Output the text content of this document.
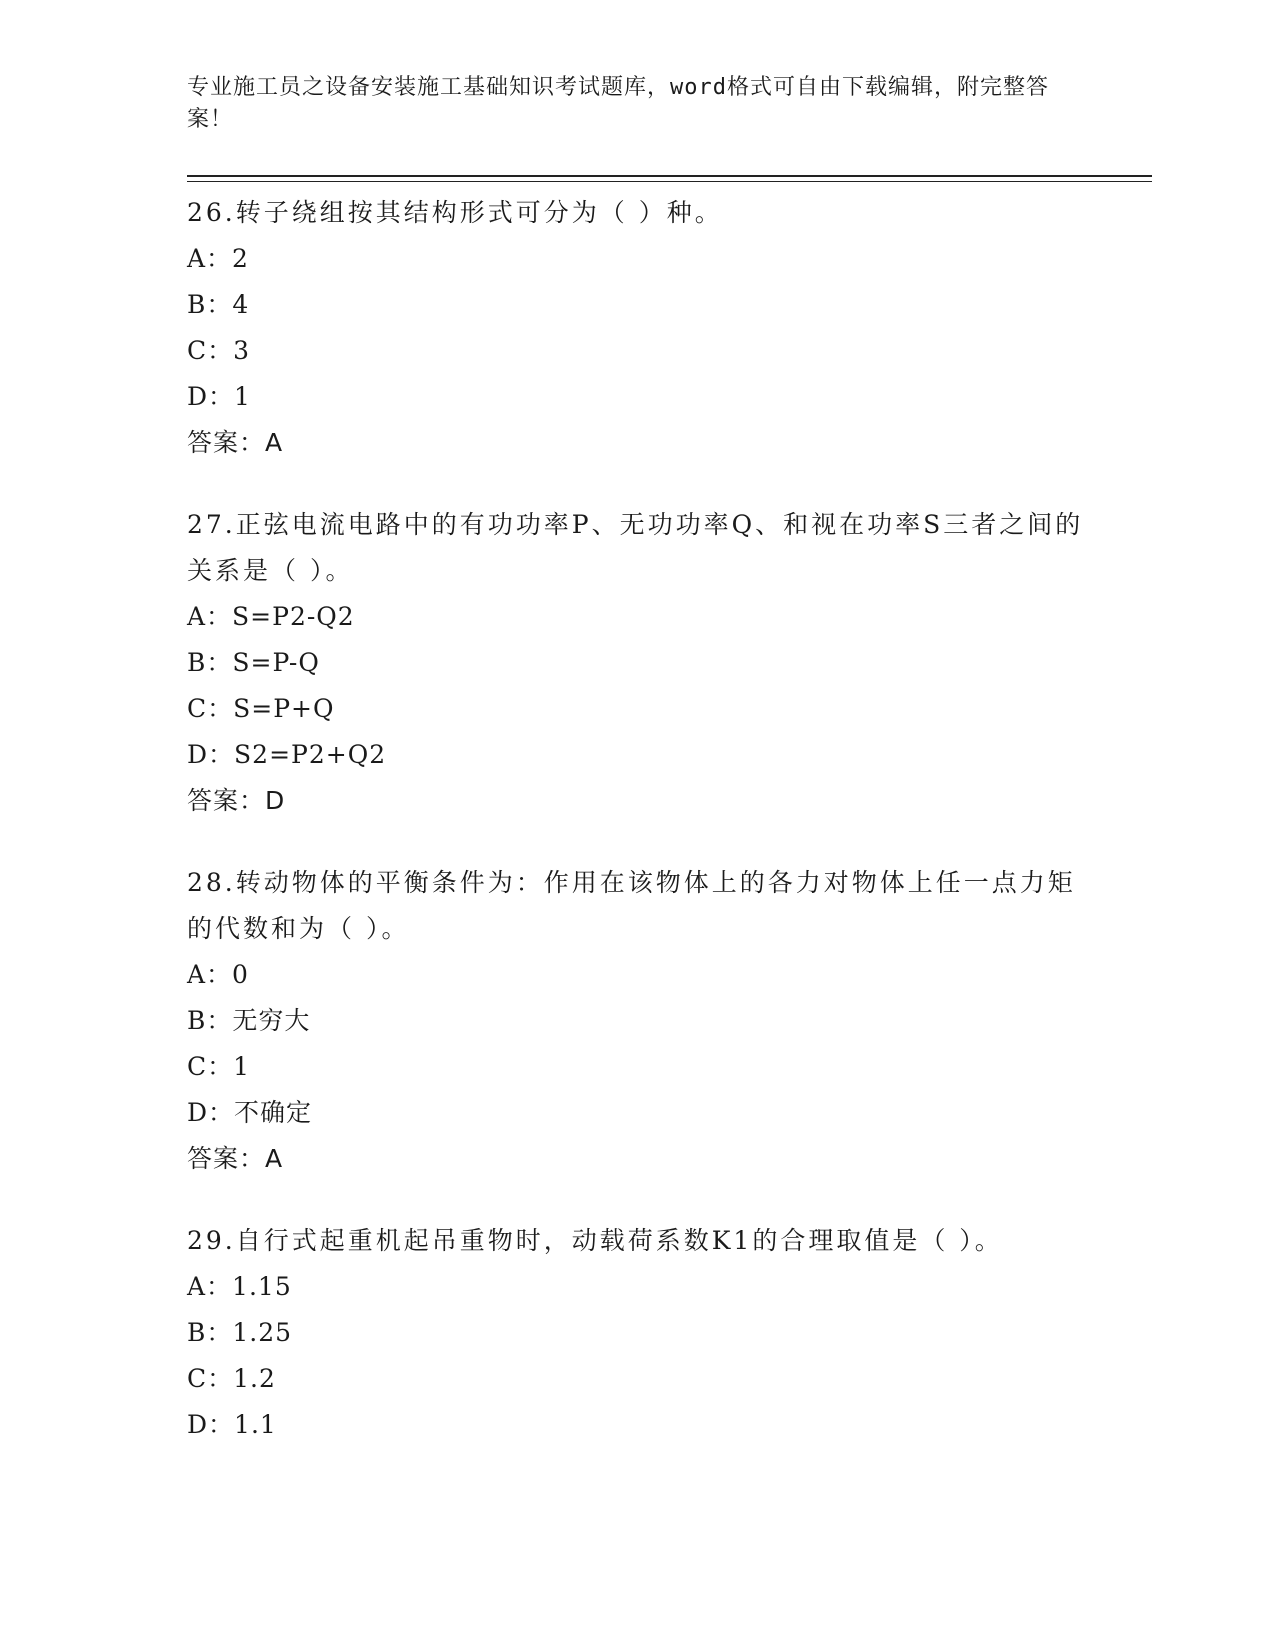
专业施工员之设备安装施工基础知识考试题库，word格式可自由下载编辑，附完整答案！
26.转子绕组按其结构形式可分为（ ）种。
A：2
B：4
C：3
D：1
答案：A
27.正弦电流电路中的有功功率P、无功功率Q、和视在功率S三者之间的关系是（ ）。
A：S=P2-Q2
B：S=P-Q
C：S=P+Q
D：S2=P2+Q2
答案：D
28.转动物体的平衡条件为：作用在该物体上的各力对物体上任一点力矩的代数和为（ ）。
A：0
B：无穷大
C：1
D：不确定
答案：A
29.自行式起重机起吊重物时，动载荷系数K1的合理取值是（ ）。
A：1.15
B：1.25
C：1.2
D：1.1
